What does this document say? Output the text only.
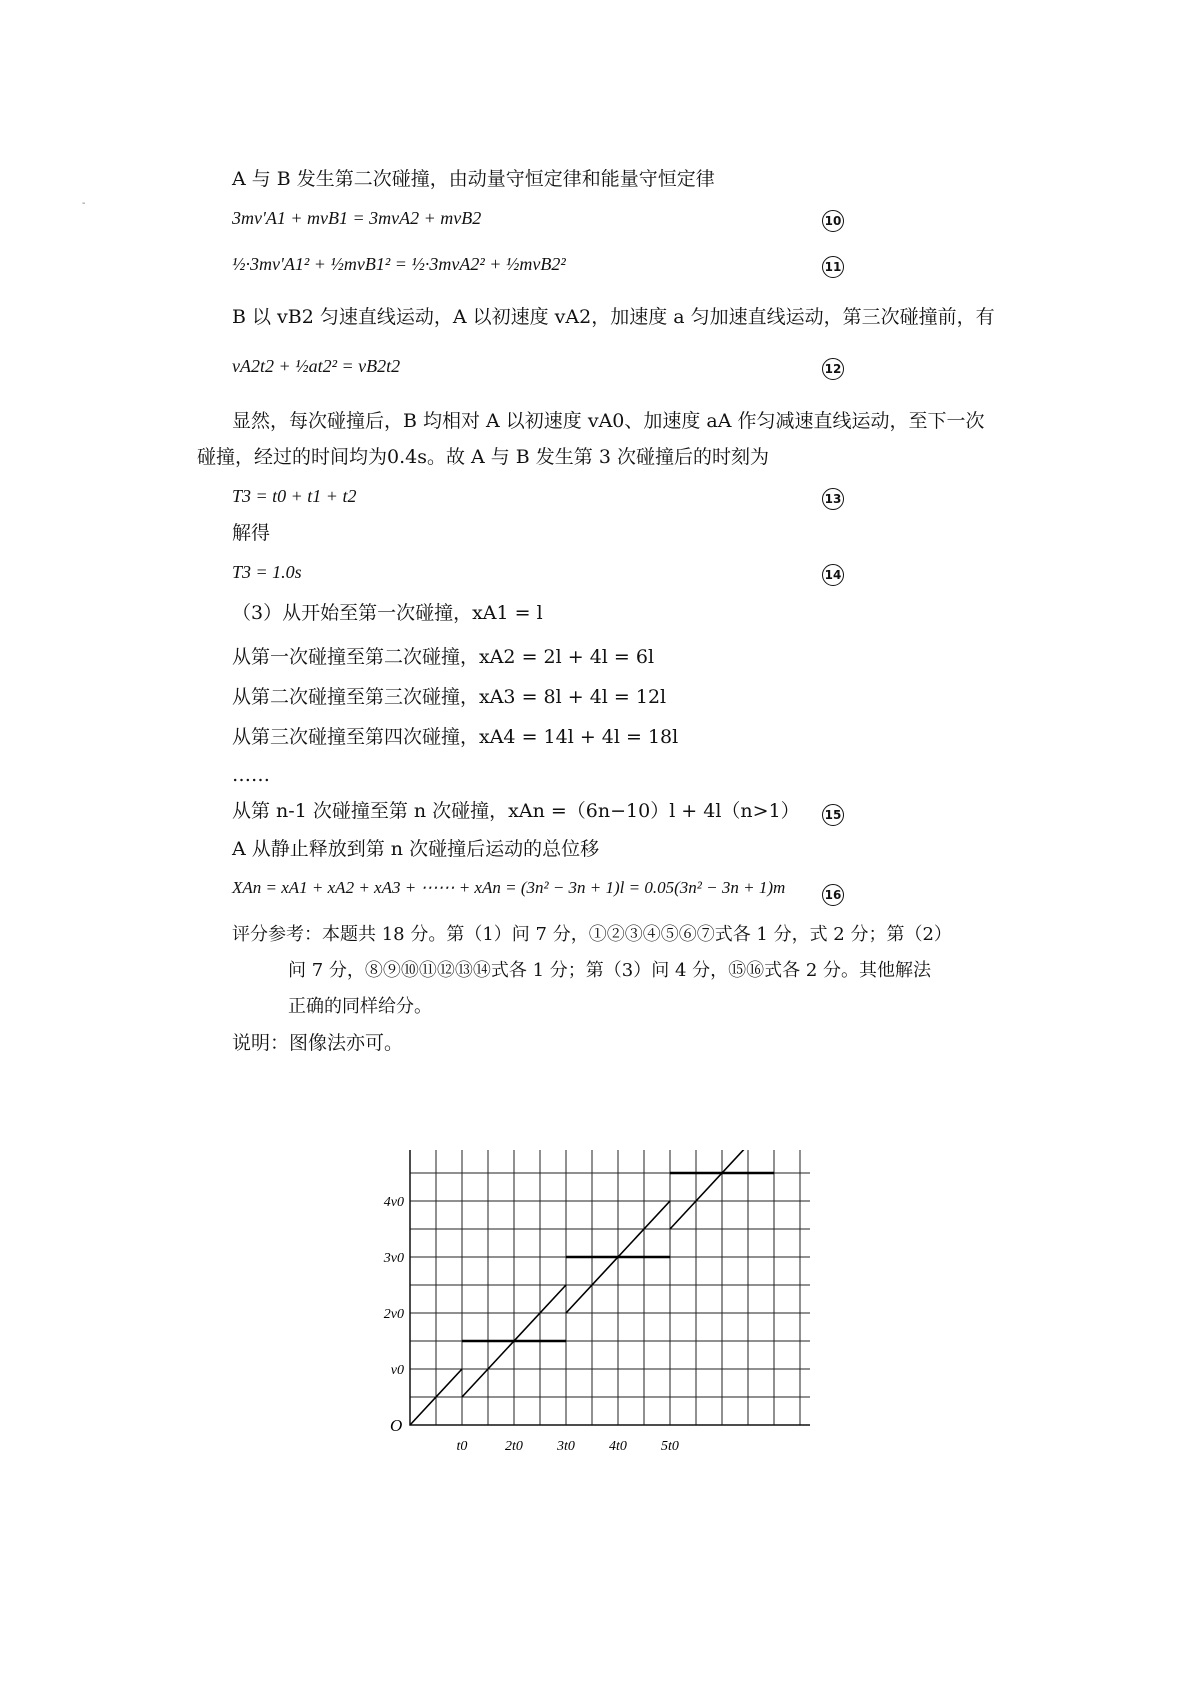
-
A 与 B 发生第二次碰撞，由动量守恒定律和能量守恒定律
3mv'A1 + mvB1 = 3mvA2 + mvB2
½·3mv'A1² + ½mvB1² = ½·3mvA2² + ½mvB2²
B 以 vB2 匀速直线运动，A 以初速度 vA2，加速度 a 匀加速直线运动，第三次碰撞前，有
vA2t2 + ½at2² = vB2t2
显然，每次碰撞后，B 均相对 A 以初速度 vA0、加速度 aA 作匀减速直线运动，至下一次
碰撞，经过的时间均为0.4s。故 A 与 B 发生第 3 次碰撞后的时刻为
T3 = t0 + t1 + t2
解得
T3 = 1.0s
（3）从开始至第一次碰撞，xA1 = l
从第一次碰撞至第二次碰撞，xA2 = 2l + 4l = 6l
从第二次碰撞至第三次碰撞，xA3 = 8l + 4l = 12l
从第三次碰撞至第四次碰撞，xA4 = 14l + 4l = 18l
……
从第 n-1 次碰撞至第 n 次碰撞，xAn =（6n−10）l + 4l（n>1）
A 从静止释放到第 n 次碰撞后运动的总位移
XAn = xA1 + xA2 + xA3 + ⋯⋯ + xAn = (3n² − 3n + 1)l = 0.05(3n² − 3n + 1)m
评分参考：本题共 18 分。第（1）问 7 分，①②③④⑤⑥⑦式各 1 分，式 2 分；第（2）
问 7 分，⑧⑨⑩⑪⑫⑬⑭式各 1 分；第（3）问 4 分，⑮⑯式各 2 分。其他解法
正确的同样给分。
说明：图像法亦可。
10
11
12
13
14
15
16
O
t0	2t0 3t0 4t0 5t0
v0
2v0
3v0
4v0
